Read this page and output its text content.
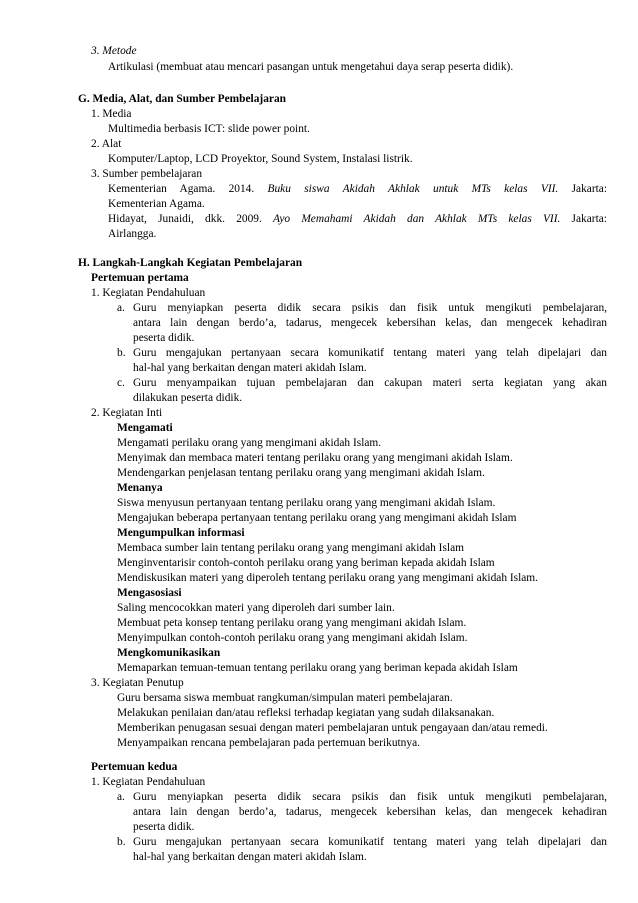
3. Metode
Artikulasi (membuat atau mencari pasangan untuk mengetahui daya serap peserta didik).
G. Media, Alat, dan Sumber Pembelajaran
1. Media
Multimedia berbasis ICT: slide power point.
2. Alat
Komputer/Laptop, LCD Proyektor, Sound System, Instalasi listrik.
3. Sumber pembelajaran
Kementerian Agama. 2014. Buku siswa Akidah Akhlak untuk MTs kelas VII. Jakarta:
Kementerian Agama.
Hidayat, Junaidi, dkk. 2009. Ayo Memahami Akidah dan Akhlak MTs kelas VII. Jakarta:
Airlangga.
H. Langkah-Langkah Kegiatan Pembelajaran
Pertemuan pertama
1. Kegiatan Pendahuluan
a. Guru menyiapkan peserta didik secara psikis dan fisik untuk mengikuti pembelajaran,
antara lain dengan berdo’a, tadarus, mengecek kebersihan kelas, dan mengecek kehadiran
peserta didik.
b. Guru mengajukan pertanyaan secara komunikatif tentang materi yang telah dipelajari dan
hal-hal yang berkaitan dengan materi akidah Islam.
c. Guru menyampaikan tujuan pembelajaran dan cakupan materi serta kegiatan yang akan
dilakukan peserta didik.
2. Kegiatan Inti
Mengamati
Mengamati perilaku orang yang mengimani akidah Islam.
Menyimak dan membaca materi tentang perilaku orang yang mengimani akidah Islam.
Mendengarkan penjelasan tentang perilaku orang yang mengimani akidah Islam.
Menanya
Siswa menyusun pertanyaan tentang perilaku orang yang mengimani akidah Islam.
Mengajukan beberapa pertanyaan tentang perilaku orang yang mengimani akidah Islam
Mengumpulkan informasi
Membaca sumber lain tentang perilaku orang yang mengimani akidah Islam
Menginventarisir contoh-contoh perilaku orang yang beriman kepada akidah Islam
Mendiskusikan materi yang diperoleh tentang perilaku orang yang mengimani akidah Islam.
Mengasosiasi
Saling mencocokkan materi yang diperoleh dari sumber lain.
Membuat peta konsep tentang perilaku orang yang mengimani akidah Islam.
Menyimpulkan contoh-contoh perilaku orang yang mengimani akidah Islam.
Mengkomunikasikan
Memaparkan temuan-temuan tentang perilaku orang yang beriman kepada akidah Islam
3. Kegiatan Penutup
Guru bersama siswa membuat rangkuman/simpulan materi pembelajaran.
Melakukan penilaian dan/atau refleksi terhadap kegiatan yang sudah dilaksanakan.
Memberikan penugasan sesuai dengan materi pembelajaran untuk pengayaan dan/atau remedi.
Menyampaikan rencana pembelajaran pada pertemuan berikutnya.
Pertemuan kedua
1. Kegiatan Pendahuluan
a. Guru menyiapkan peserta didik secara psikis dan fisik untuk mengikuti pembelajaran,
antara lain dengan berdo’a, tadarus, mengecek kebersihan kelas, dan mengecek kehadiran
peserta didik.
b. Guru mengajukan pertanyaan secara komunikatif tentang materi yang telah dipelajari dan
hal-hal yang berkaitan dengan materi akidah Islam.
